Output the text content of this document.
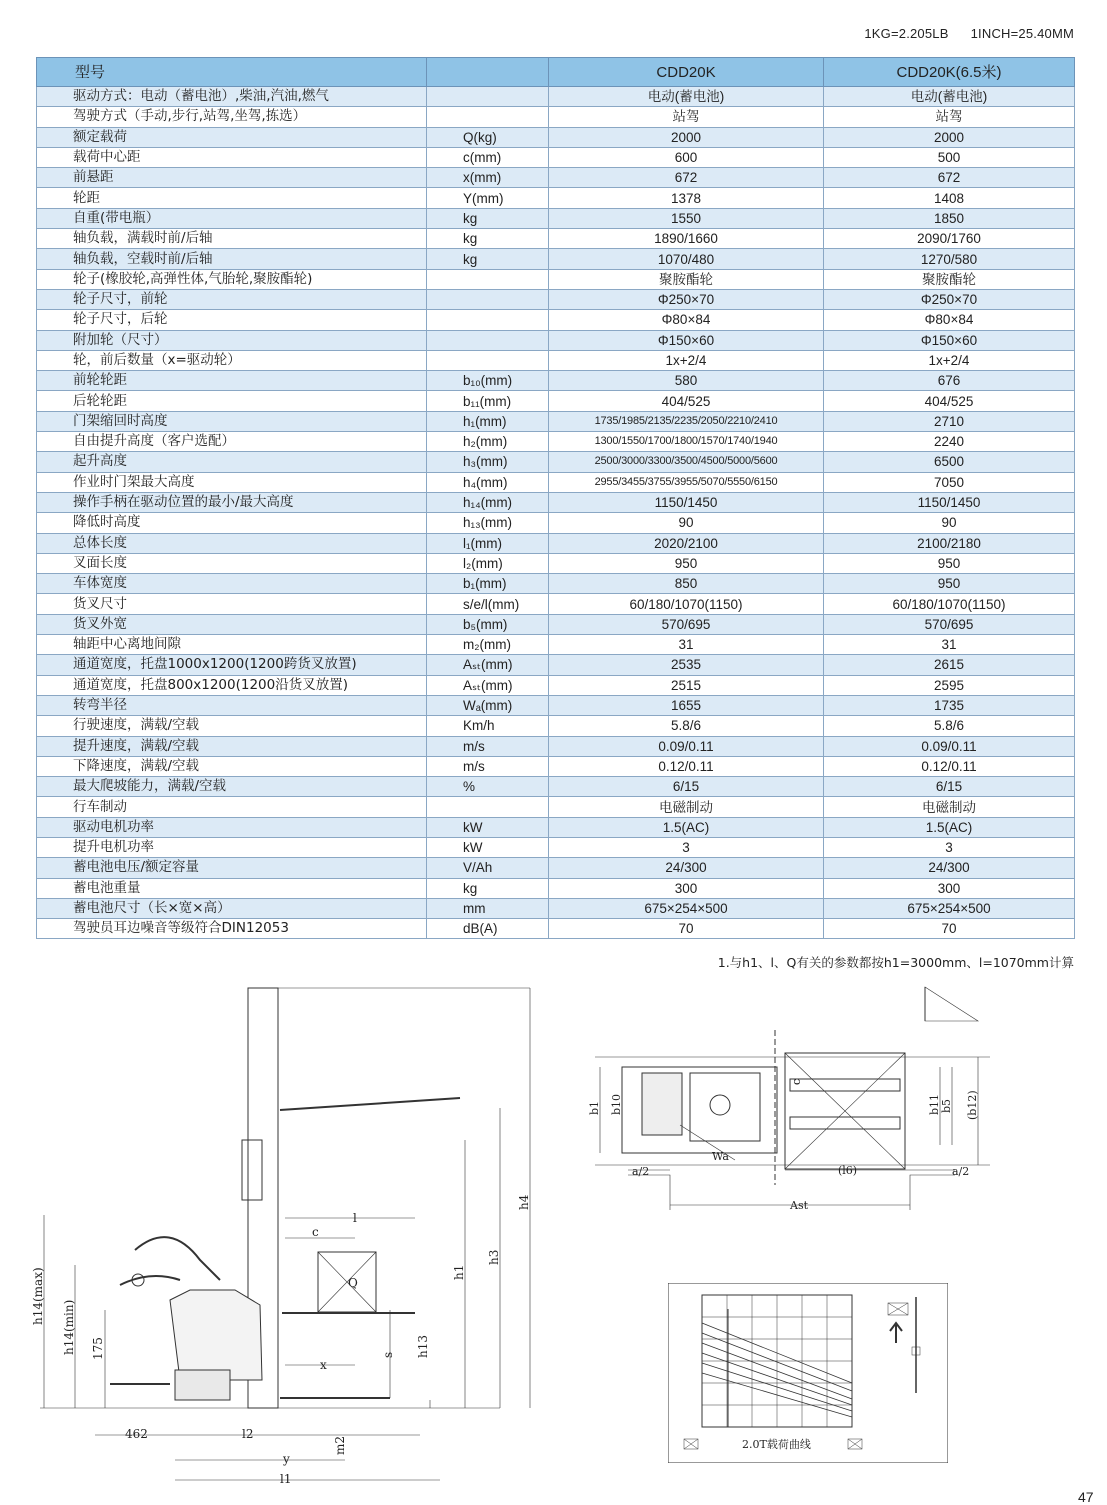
1KG=2.205LB 1INCH=25.40MM
型号		CDD20K	CDD20K(6.5米)
驱动方式：电动（蓄电池）,柴油,汽油,燃气		电动(蓄电池)	电动(蓄电池)
驾驶方式（手动,步行,站驾,坐驾,拣选）		站驾	站驾
额定载荷	Q(kg)	2000	2000
载荷中心距	c(mm)	600	500
前悬距	x(mm)	672	672
轮距	Y(mm)	1378	1408
自重(带电瓶）	kg	1550	1850
轴负载，满载时前/后轴	kg	1890/1660	2090/1760
轴负载，空载时前/后轴	kg	1070/480	1270/580
轮子(橡胶轮,高弹性体,气胎轮,聚胺酯轮)		聚胺酯轮	聚胺酯轮
轮子尺寸，前轮		Φ250×70	Φ250×70
轮子尺寸，后轮		Φ80×84	Φ80×84
附加轮（尺寸）		Φ150×60	Φ150×60
轮，前后数量（x=驱动轮）		1x+2/4	1x+2/4
前轮轮距	b₁₀(mm)	580	676
后轮轮距	b₁₁(mm)	404/525	404/525
门架缩回时高度	h₁(mm)	1735/1985/2135/2235/2050/2210/2410	2710
自由提升高度（客户选配）	h₂(mm)	1300/1550/1700/1800/1570/1740/1940	2240
起升高度	h₃(mm)	2500/3000/3300/3500/4500/5000/5600	6500
作业时门架最大高度	h₄(mm)	2955/3455/3755/3955/5070/5550/6150	7050
操作手柄在驱动位置的最小/最大高度	h₁₄(mm)	1150/1450	1150/1450
降低时高度	h₁₃(mm)	90	90
总体长度	l₁(mm)	2020/2100	2100/2180
叉面长度	l₂(mm)	950	950
车体宽度	b₁(mm)	850	950
货叉尺寸	s/e/l(mm)	60/180/1070(1150)	60/180/1070(1150)
货叉外宽	b₅(mm)	570/695	570/695
轴距中心离地间隙	m₂(mm)	31	31
通道宽度，托盘1000x1200(1200跨货叉放置)	Aₛₜ(mm)	2535	2615
通道宽度，托盘800x1200(1200沿货叉放置)	Aₛₜ(mm)	2515	2595
转弯半径	Wₐ(mm)	1655	1735
行驶速度，满载/空载	Km/h	5.8/6	5.8/6
提升速度，满载/空载	m/s	0.09/0.11	0.09/0.11
下降速度，满载/空载	m/s	0.12/0.11	0.12/0.11
最大爬坡能力，满载/空载	%	6/15	6/15
行车制动		电磁制动	电磁制动
驱动电机功率	kW	1.5(AC)	1.5(AC)
提升电机功率	kW	3	3
蓄电池电压/额定容量	V/Ah	24/300	24/300
蓄电池重量	kg	300	300
蓄电池尺寸（长×宽×高）	mm	675×254×500	675×254×500
驾驶员耳边噪音等级符合DIN12053	dB(A)	70	70
1.与h1、l、Q有关的参数都按h1=3000mm、l=1070mm计算
h14(max)
h14(min) 175
462	l2
y
l1
m2
x
s h13
h1
h3
h4
c
l
Q
b1 b10	b11 b5 (b12)
c
Wa
a/2	a/2
(l6)
Ast
2.0T载荷曲线
47
